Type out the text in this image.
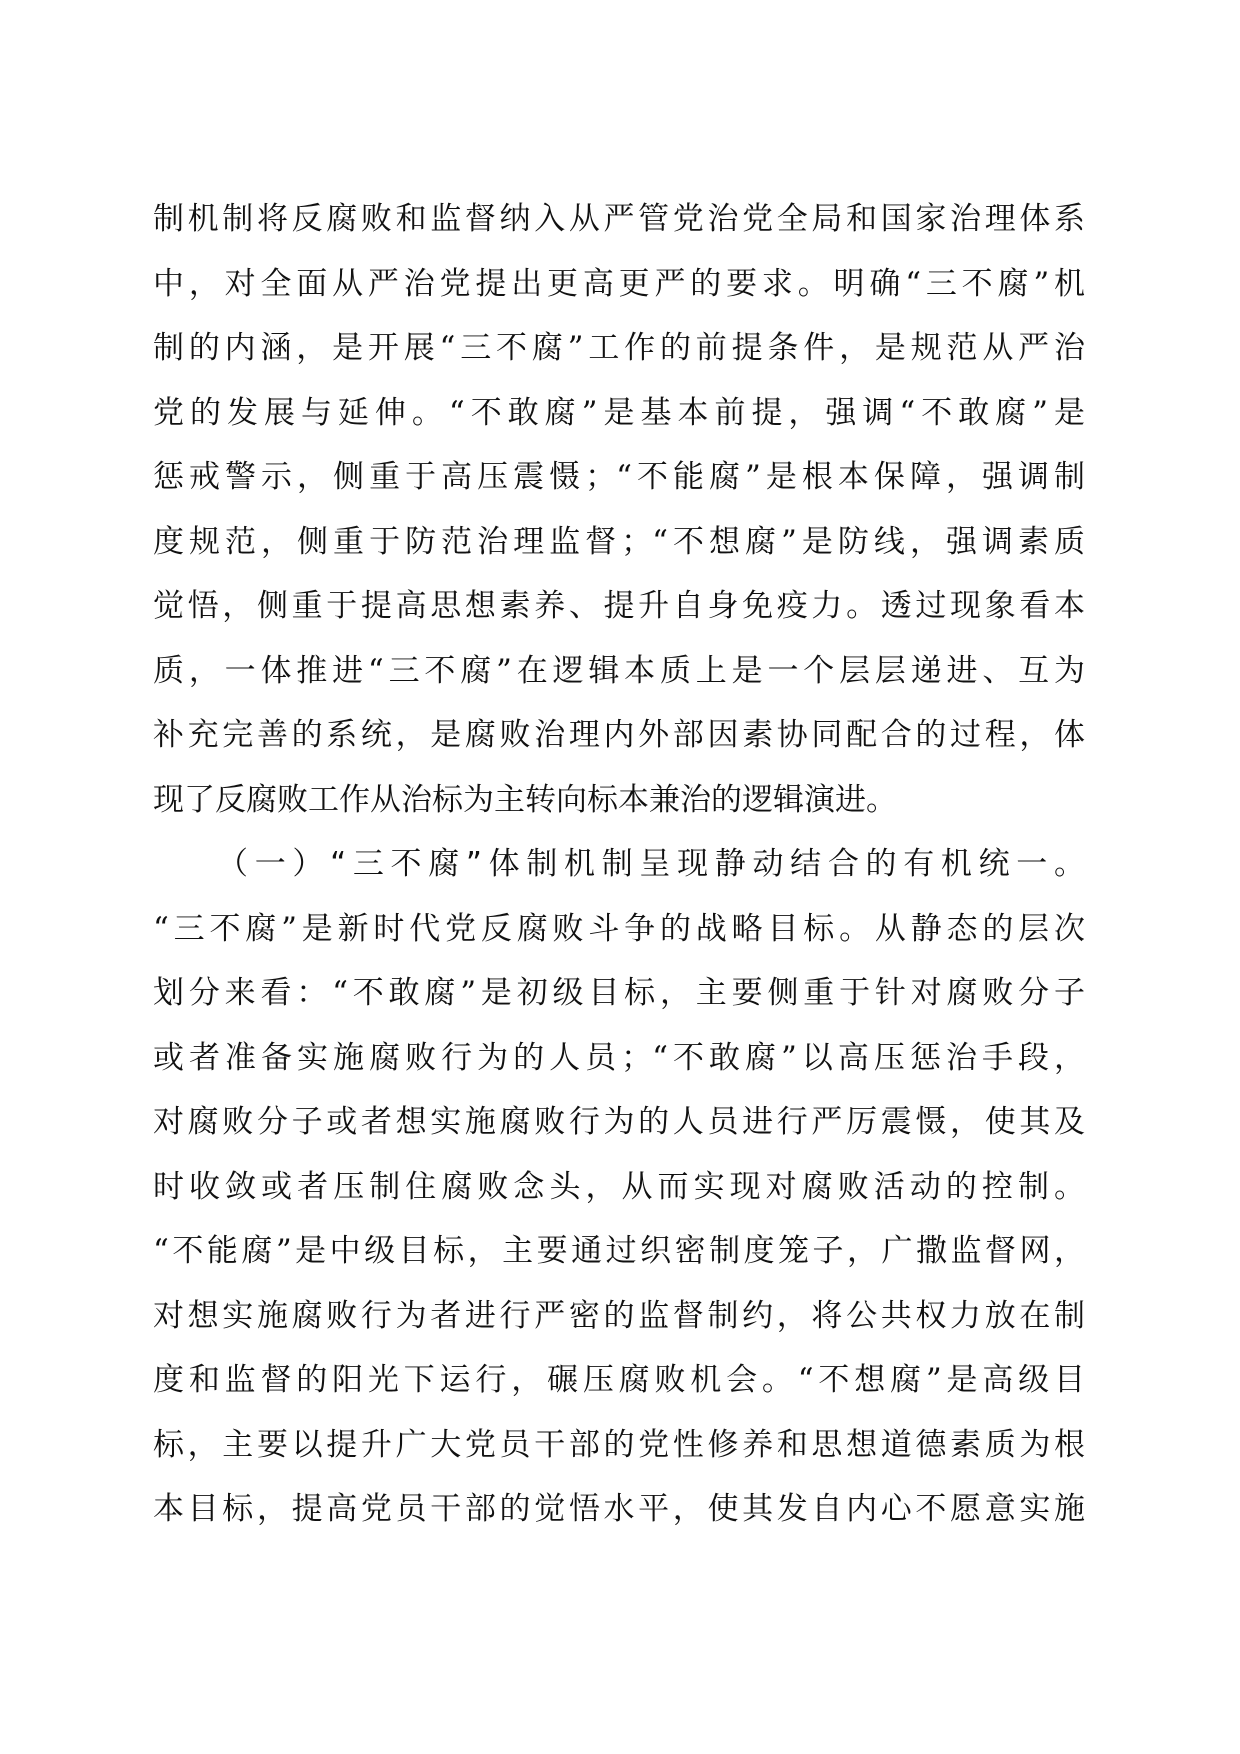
制机制将反腐败和监督纳入从严管党治党全局和国家治理体系
中，对全面从严治党提出更高更严的要求。明确“三不腐”机
制的内涵，是开展“三不腐”工作的前提条件，是规范从严治
党的发展与延伸。“不敢腐”是基本前提，强调“不敢腐”是
惩戒警示，侧重于高压震慑；“不能腐”是根本保障，强调制
度规范，侧重于防范治理监督；“不想腐”是防线，强调素质
觉悟，侧重于提高思想素养、提升自身免疫力。透过现象看本
质，一体推进“三不腐”在逻辑本质上是一个层层递进、互为
补充完善的系统，是腐败治理内外部因素协同配合的过程，体
现了反腐败工作从治标为主转向标本兼治的逻辑演进。
（一）“三不腐”体制机制呈现静动结合的有机统一。
“三不腐”是新时代党反腐败斗争的战略目标。从静态的层次
划分来看：“不敢腐”是初级目标，主要侧重于针对腐败分子
或者准备实施腐败行为的人员；“不敢腐”以高压惩治手段，
对腐败分子或者想实施腐败行为的人员进行严厉震慑，使其及
时收敛或者压制住腐败念头，从而实现对腐败活动的控制。
“不能腐”是中级目标，主要通过织密制度笼子，广撒监督网，
对想实施腐败行为者进行严密的监督制约，将公共权力放在制
度和监督的阳光下运行，碾压腐败机会。“不想腐”是高级目
标，主要以提升广大党员干部的党性修养和思想道德素质为根
本目标，提高党员干部的觉悟水平，使其发自内心不愿意实施
